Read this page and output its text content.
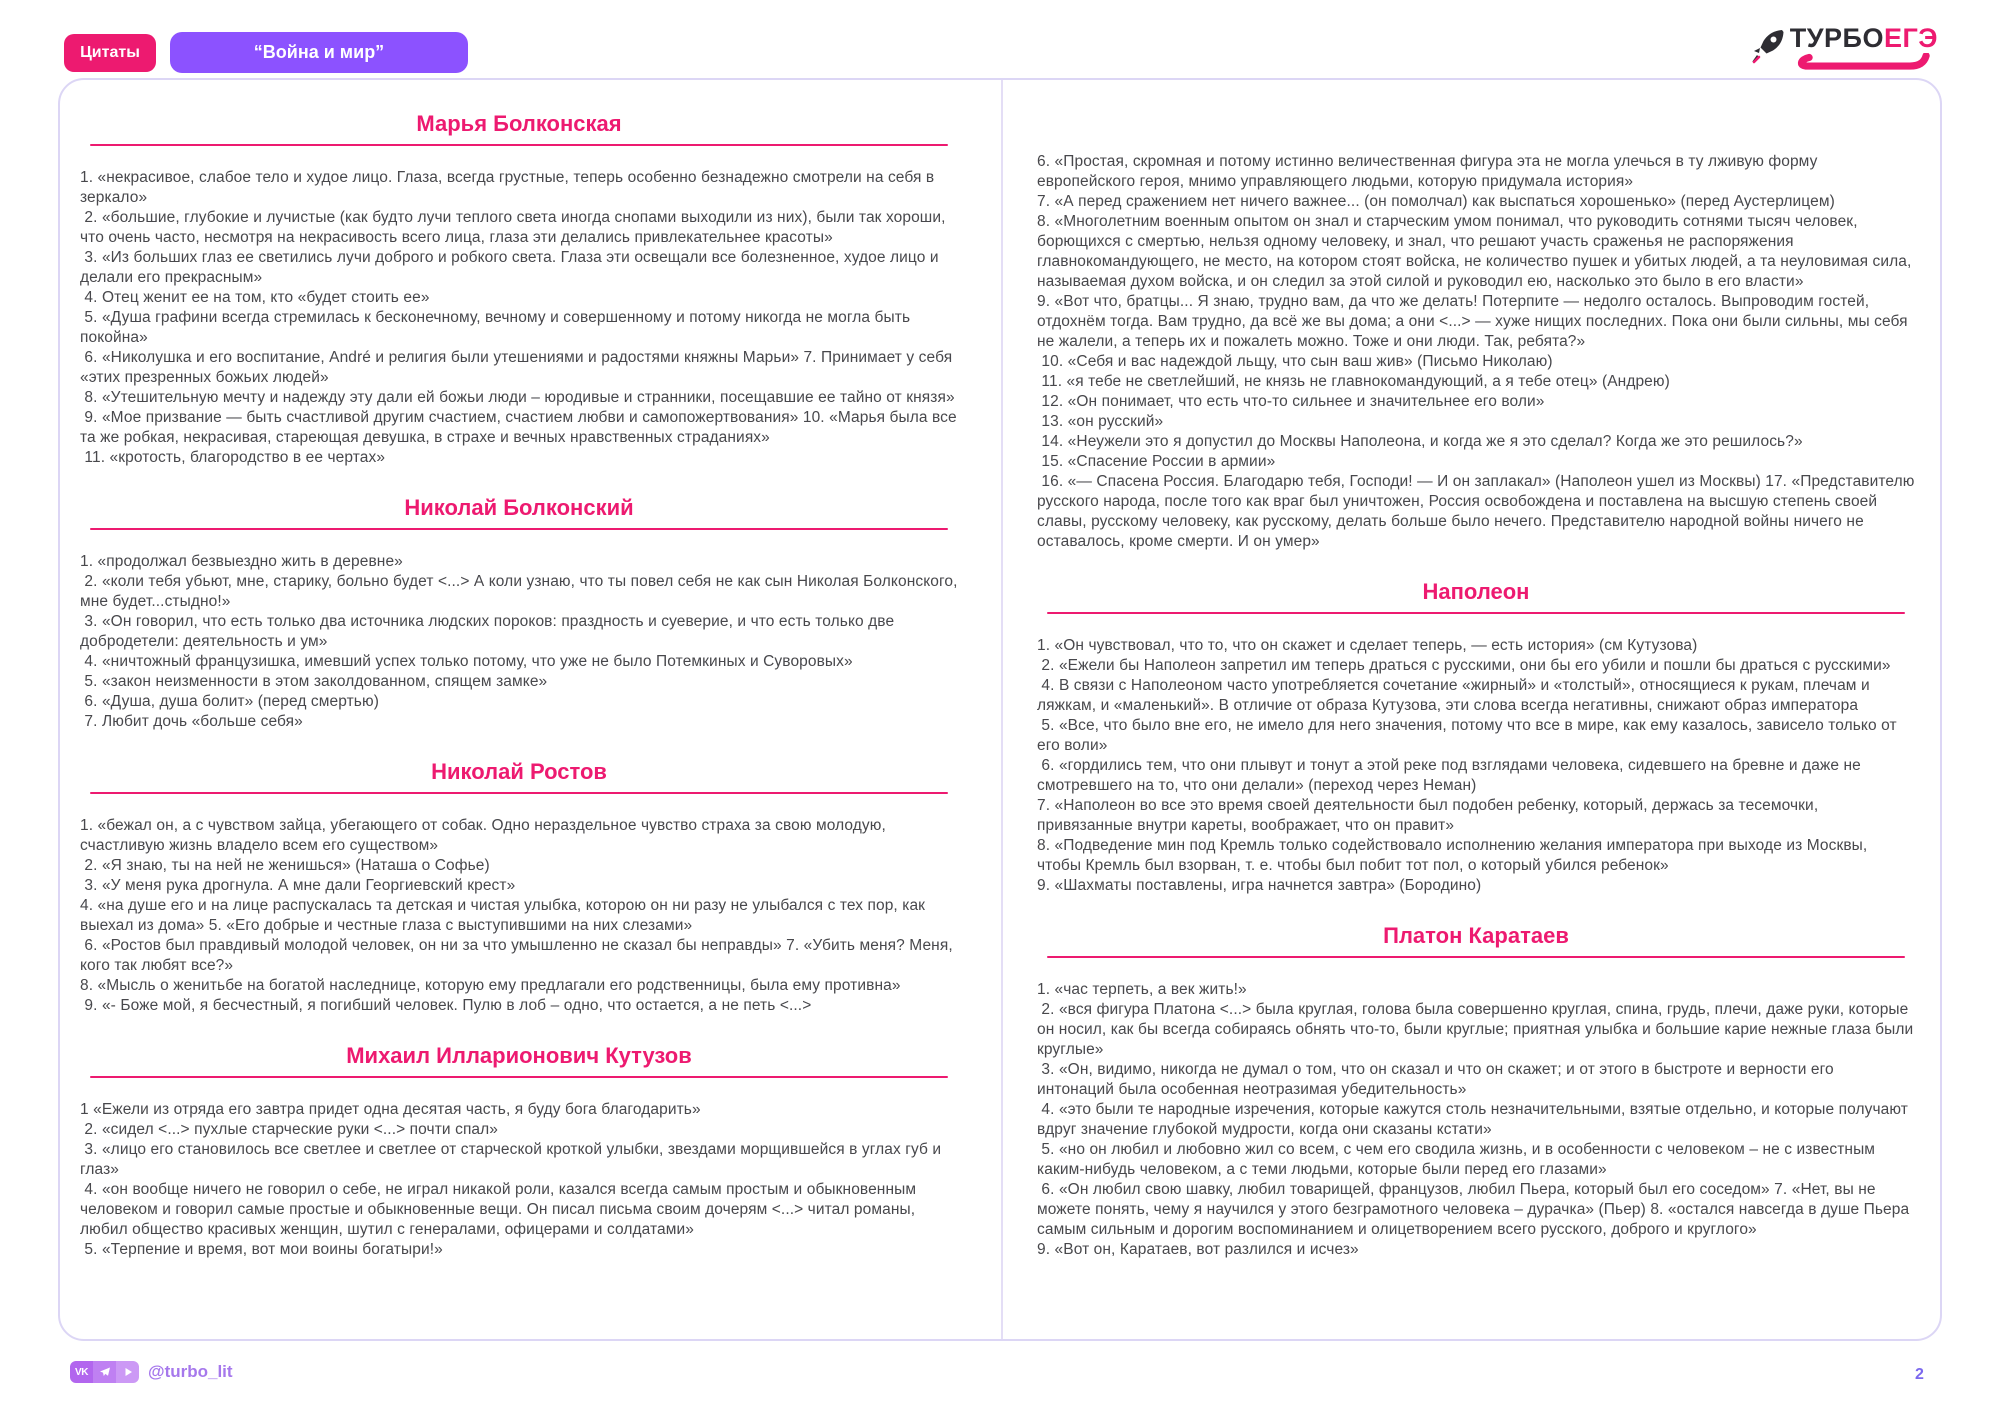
Цитаты	“Война и мир”	ТУРБОЕГЭ
Марья Болконская

1. «некрасивое, слабое тело и худое лицо. Глаза, всегда грустные, теперь особенно безнадежно смотрели на себя в зеркало»

2. «большие, глубокие и лучистые (как будто лучи теплого света иногда снопами выходили из них), были так хороши, что очень часто, несмотря на некрасивость всего лица, глаза эти делались привлекательнее красоты»

3. «Из больших глаз ее светились лучи доброго и робкого света. Глаза эти освещали все болезненное, худое лицо и делали его прекрасным»

4. Отец женит ее на том, кто «будет стоить ее»

5. «Душа графини всегда стремилась к бесконечному, вечному и совершенному и потому никогда не могла быть покойна»

6. «Николушка и его воспитание, André и религия были утешениями и радостями княжны Марьи» 7. Принимает у себя «этих презренных божьих людей»

8. «Утешительную мечту и надежду эту дали ей божьи люди – юродивые и странники, посещавшие ее тайно от князя»

9. «Мое призвание — быть счастливой другим счастием, счастием любви и самопожертвования» 10. «Марья была все та же робкая, некрасивая, стареющая девушка, в страхе и вечных нравственных страданиях»

11. «кротость, благородство в ее чертах»

Николай Болконский

1. «продолжал безвыездно жить в деревне»

2. «коли тебя убьют, мне, старику, больно будет <...> А коли узнаю, что ты повел себя не как сын Николая Болконского, мне будет...стыдно!»

3. «Он говорил, что есть только два источника людских пороков: праздность и суеверие, и что есть только две добродетели: деятельность и ум»

4. «ничтожный французишка, имевший успех только потому, что уже не было Потемкиных и Суворовых»

5. «закон неизменности в этом заколдованном, спящем замке»

6. «Душа, душа болит» (перед смертью)

7. Любит дочь «больше себя»

Николай Ростов

1. «бежал он, а с чувством зайца, убегающего от собак. Одно нераздельное чувство страха за свою молодую, счастливую жизнь владело всем его существом»

2. «Я знаю, ты на ней не женишься» (Наташа о Софье)

3. «У меня рука дрогнула. А мне дали Георгиевский крест»

4. «на душе его и на лице распускалась та детская и чистая улыбка, которою он ни разу не улыбался с тех пор, как выехал из дома» 5. «Его добрые и честные глаза с выступившими на них слезами»

6. «Ростов был правдивый молодой человек, он ни за что умышленно не сказал бы неправды» 7. «Убить меня? Меня, кого так любят все?»

8. «Мысль о женитьбе на богатой наследнице, которую ему предлагали его родственницы, была ему противна»

9. «- Боже мой, я бесчестный, я погибший человек. Пулю в лоб – одно, что остается, а не петь <...>

Михаил Илларионович Кутузов

1 «Ежели из отряда его завтра придет одна десятая часть, я буду бога благодарить»

2. «сидел <...> пухлые старческие руки <...> почти спал»

3. «лицо его становилось все светлее и светлее от старческой кроткой улыбки, звездами морщившейся в углах губ и глаз»

4. «он вообще ничего не говорил о себе, не играл никакой роли, казался всегда самым простым и обыкновенным человеком и говорил самые простые и обыкновенные вещи. Он писал письма своим дочерям <...> читал романы, любил общество красивых женщин, шутил с генералами, офицерами и солдатами»

5. «Терпение и время, вот мои воины богатыри!»

6. «Простая, скромная и потому истинно величественная фигура эта не могла улечься в ту лживую форму европейского героя, мнимо управляющего людьми, которую придумала история»

7. «А перед сражением нет ничего важнее... (он помолчал) как выспаться хорошенько» (перед Аустерлицем)

8. «Многолетним военным опытом он знал и старческим умом понимал, что руководить сотнями тысяч человек, борющихся с смертью, нельзя одному человеку, и знал, что решают участь сраженья не распоряжения главнокомандующего, не место, на котором стоят войска, не количество пушек и убитых людей, а та неуловимая сила, называемая духом войска, и он следил за этой силой и руководил ею, насколько это было в его власти»

9. «Вот что, братцы... Я знаю, трудно вам, да что же делать! Потерпите — недолго осталось. Выпроводим гостей, отдохнём тогда. Вам трудно, да всё же вы дома; а они <...> — хуже нищих последних. Пока они были сильны, мы себя не жалели, а теперь их и пожалеть можно. Тоже и они люди. Так, ребята?»

10. «Себя и вас надеждой льщу, что сын ваш жив» (Письмо Николаю)

11. «я тебе не светлейший, не князь не главнокомандующий, а я тебе отец» (Андрею)

12. «Он понимает, что есть что-то сильнее и значительнее его воли»

13. «он русский»

14. «Неужели это я допустил до Москвы Наполеона, и когда же я это сделал? Когда же это решилось?»

15. «Спасение России в армии»

16. «— Спасена Россия. Благодарю тебя, Господи! — И он заплакал» (Наполеон ушел из Москвы) 17. «Представителю русского народа, после того как враг был уничтожен, Россия освобождена и поставлена на высшую степень своей славы, русскому человеку, как русскому, делать больше было нечего. Представителю народной войны ничего не оставалось, кроме смерти. И он умер»

Наполеон

1. «Он чувствовал, что то, что он скажет и сделает теперь, — есть история» (см Кутузова)

2. «Ежели бы Наполеон запретил им теперь драться с русскими, они бы его убили и пошли бы драться с русскими»

4. В связи с Наполеоном часто употребляется сочетание «жирный» и «толстый», относящиеся к рукам, плечам и ляжкам, и «маленький». В отличие от образа Кутузова, эти слова всегда негативны, снижают образ императора

5. «Все, что было вне его, не имело для него значения, потому что все в мире, как ему казалось, зависело только от его воли»

6. «гордились тем, что они плывут и тонут а этой реке под взглядами человека, сидевшего на бревне и даже не смотревшего на то, что они делали» (переход через Неман)

7. «Наполеон во все это время своей деятельности был подобен ребенку, который, держась за тесемочки, привязанные внутри кареты, воображает, что он правит»

8. «Подведение мин под Кремль только содействовало исполнению желания императора при выходе из Москвы, чтобы Кремль был взорван, т. е. чтобы был побит тот пол, о который убился ребенок»

9. «Шахматы поставлены, игра начнется завтра» (Бородино)

Платон Каратаев

1. «час терпеть, а век жить!»

2. «вся фигура Платона <...> была круглая, голова была совершенно круглая, спина, грудь, плечи, даже руки, которые он носил, как бы всегда собираясь обнять что-то, были круглые; приятная улыбка и большие карие нежные глаза были круглые»

3. «Он, видимо, никогда не думал о том, что он сказал и что он скажет; и от этого в быстроте и верности его интонаций была особенная неотразимая убедительность»

4. «это были те народные изречения, которые кажутся столь незначительными, взятые отдельно, и которые получают вдруг значение глубокой мудрости, когда они сказаны кстати»

5. «но он любил и любовно жил со всем, с чем его сводила жизнь, и в особенности с человеком – не с известным каким-нибудь человеком, а с теми людьми, которые были перед его глазами»

6. «Он любил свою шавку, любил товарищей, французов, любил Пьера, который был его соседом» 7. «Нет, вы не можете понять, чему я научился у этого безграмотного человека – дурачка» (Пьер) 8. «остался навсегда в душе Пьера самым сильным и дорогим воспоминанием и олицетворением всего русского, доброго и круглого»

9. «Вот он, Каратаев, вот разлился и исчез»

VK	@turbo_lit	2
